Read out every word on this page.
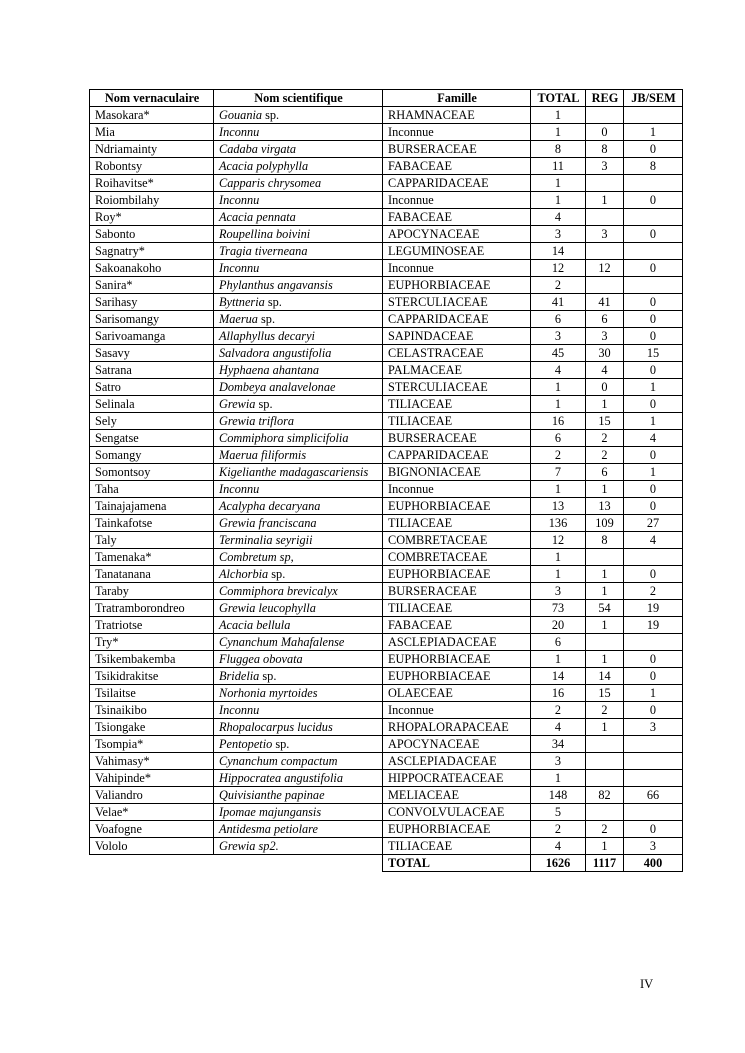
Nom vernaculaire	Nom scientifique	Famille	TOTAL	REG	JB/SEM
Masokara*	Gouania sp.	RHAMNACEAE	1		
Mia	Inconnu	Inconnue	1	0	1
Ndriamainty	Cadaba virgata	BURSERACEAE	8	8	0
Robontsy	Acacia polyphylla	FABACEAE	11	3	8
Roihavitse*	Capparis chrysomea	CAPPARIDACEAE	1		
Roiombilahy	Inconnu	Inconnue	1	1	0
Roy*	Acacia pennata	FABACEAE	4		
Sabonto	Roupellina boivini	APOCYNACEAE	3	3	0
Sagnatry*	Tragia tiverneana	LEGUMINOSEAE	14		
Sakoanakoho	Inconnu	Inconnue	12	12	0
Sanira*	Phylanthus angavansis	EUPHORBIACEAE	2		
Sarihasy	Byttneria sp.	STERCULIACEAE	41	41	0
Sarisomangy	Maerua sp.	CAPPARIDACEAE	6	6	0
Sarivoamanga	Allaphyllus decaryi	SAPINDACEAE	3	3	0
Sasavy	Salvadora angustifolia	CELASTRACEAE	45	30	15
Satrana	Hyphaena ahantana	PALMACEAE	4	4	0
Satro	Dombeya analavelonae	STERCULIACEAE	1	0	1
Selinala	Grewia sp.	TILIACEAE	1	1	0
Sely	Grewia triflora	TILIACEAE	16	15	1
Sengatse	Commiphora simplicifolia	BURSERACEAE	6	2	4
Somangy	Maerua filiformis	CAPPARIDACEAE	2	2	0
Somontsoy	Kigelianthe madagascariensis	BIGNONIACEAE	7	6	1
Taha	Inconnu	Inconnue	1	1	0
Tainajajamena	Acalypha decaryana	EUPHORBIACEAE	13	13	0
Tainkafotse	Grewia franciscana	TILIACEAE	136	109	27
Taly	Terminalia seyrigii	COMBRETACEAE	12	8	4
Tamenaka*	Combretum sp,	COMBRETACEAE	1		
Tanatanana	Alchorbia sp.	EUPHORBIACEAE	1	1	0
Taraby	Commiphora brevicalyx	BURSERACEAE	3	1	2
Tratramborondreo	Grewia leucophylla	TILIACEAE	73	54	19
Tratriotse	Acacia bellula	FABACEAE	20	1	19
Try*	Cynanchum Mahafalense	ASCLEPIADACEAE	6		
Tsikembakemba	Fluggea obovata	EUPHORBIACEAE	1	1	0
Tsikidrakitse	Bridelia sp.	EUPHORBIACEAE	14	14	0
Tsilaitse	Norhonia myrtoides	OLAECEAE	16	15	1
Tsinaikibo	Inconnu	Inconnue	2	2	0
Tsiongake	Rhopalocarpus lucidus	RHOPALORAPACEAE	4	1	3
Tsompia*	Pentopetio sp.	APOCYNACEAE	34		
Vahimasy*	Cynanchum compactum	ASCLEPIADACEAE	3		
Vahipinde*	Hippocratea angustifolia	HIPPOCRATEACEAE	1		
Valiandro	Quivisianthe papinae	MELIACEAE	148	82	66
Velae*	Ipomae majungansis	CONVOLVULACEAE	5		
Voafogne	Antidesma petiolare	EUPHORBIACEAE	2	2	0
Vololo	Grewia sp2.	TILIACEAE	4	1	3
		TOTAL	1626	1117	400
IV
